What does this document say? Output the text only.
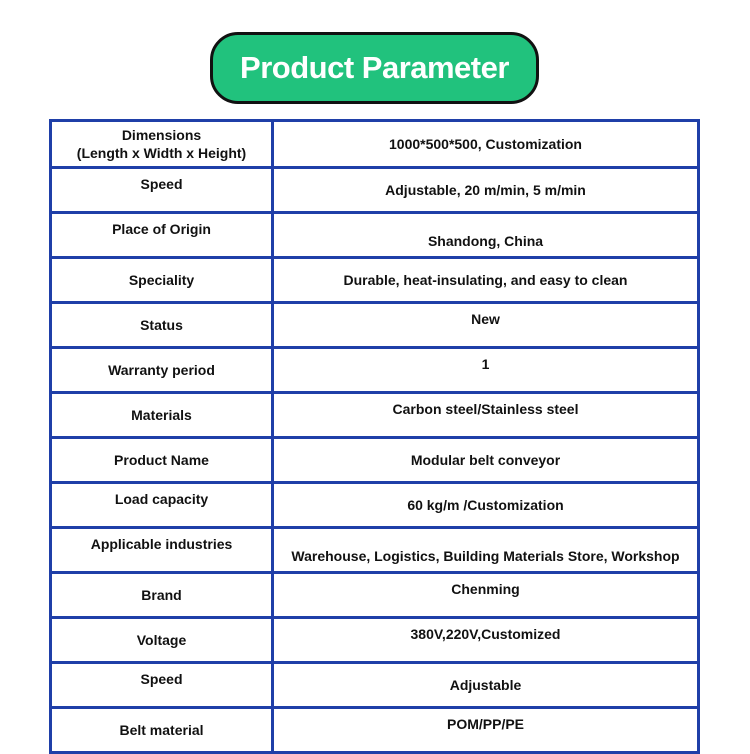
Product Parameter
Dimensions
(Length x Width x Height)	1000*500*500, Customization
Speed	Adjustable, 20 m/min, 5 m/min
Place of Origin	Shandong, China
Speciality	Durable, heat-insulating, and easy to clean
Status	New
Warranty period	1
Materials	Carbon steel/Stainless steel
Product Name	Modular belt conveyor
Load capacity	60 kg/m /Customization
Applicable industries	Warehouse, Logistics, Building Materials Store, Workshop
Brand	Chenming
Voltage	380V,220V,Customized
Speed	Adjustable
Belt material	POM/PP/PE
